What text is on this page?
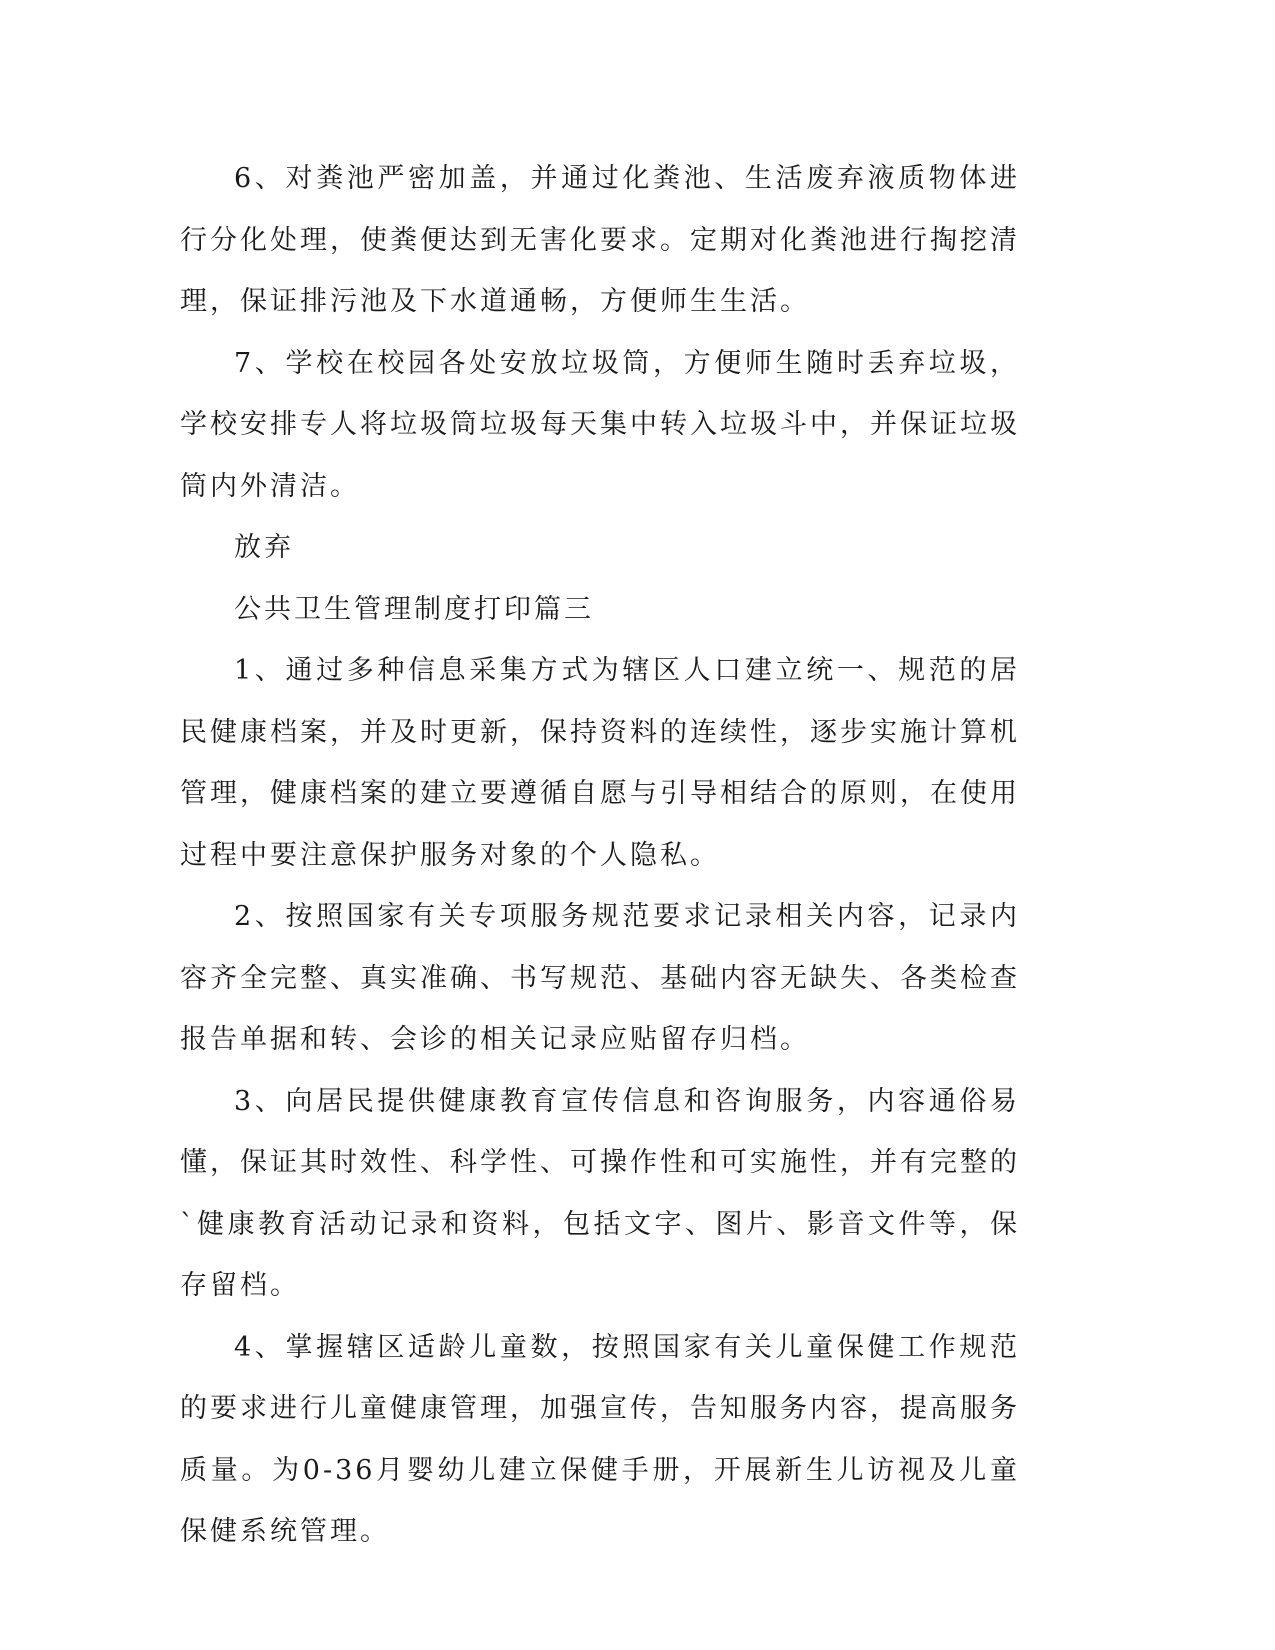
6、对粪池严密加盖，并通过化粪池、生活废弃液质物体进行分化处理，使粪便达到无害化要求。定期对化粪池进行掏挖清理，保证排污池及下水道通畅，方便师生生活。

7、学校在校园各处安放垃圾筒，方便师生随时丢弃垃圾，学校安排专人将垃圾筒垃圾每天集中转入垃圾斗中，并保证垃圾筒内外清洁。

放弃

公共卫生管理制度打印篇三

1、通过多种信息采集方式为辖区人口建立统一、规范的居民健康档案，并及时更新，保持资料的连续性，逐步实施计算机管理，健康档案的建立要遵循自愿与引导相结合的原则，在使用过程中要注意保护服务对象的个人隐私。

2、按照国家有关专项服务规范要求记录相关内容，记录内容齐全完整、真实准确、书写规范、基础内容无缺失、各类检查报告单据和转、会诊的相关记录应贴留存归档。

3、向居民提供健康教育宣传信息和咨询服务，内容通俗易懂，保证其时效性、科学性、可操作性和可实施性，并有完整的`健康教育活动记录和资料，包括文字、图片、影音文件等，保存留档。

4、掌握辖区适龄儿童数，按照国家有关儿童保健工作规范的要求进行儿童健康管理，加强宣传，告知服务内容，提高服务质量。为0-36月婴幼儿建立保健手册，开展新生儿访视及儿童保健系统管理。
